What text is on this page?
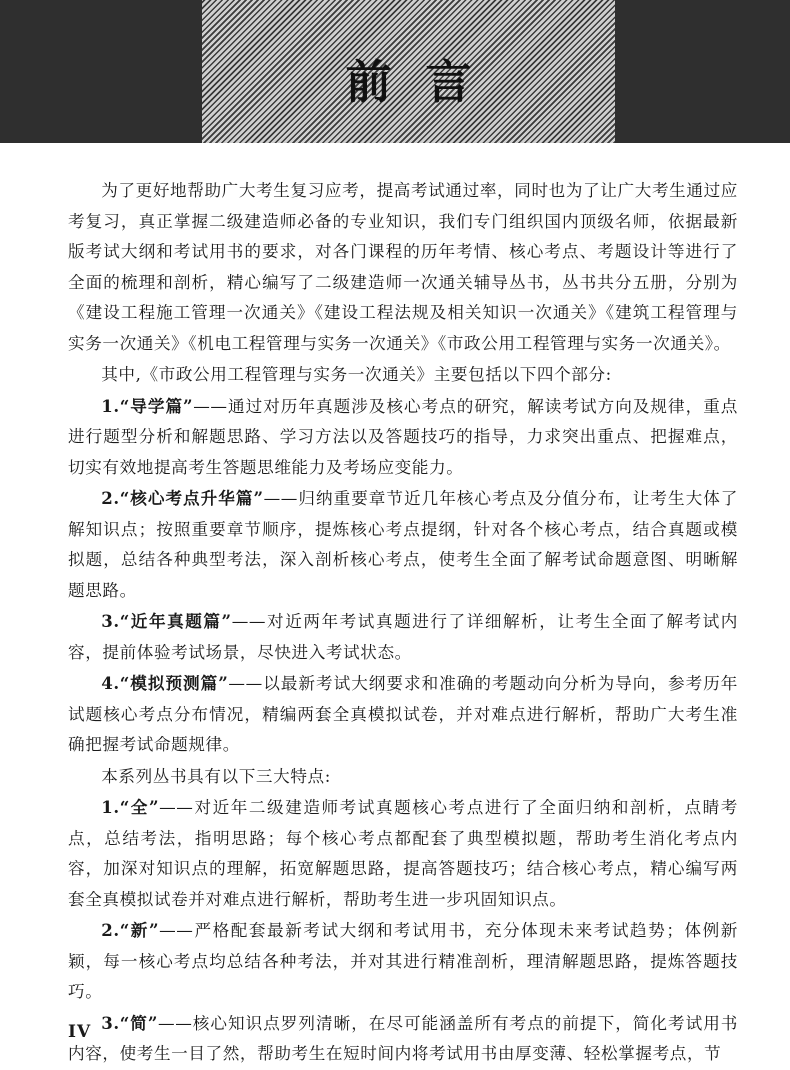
前言

为了更好地帮助广大考生复习应考，提高考试通过率，同时也为了让广大考生通过应考复习，真正掌握二级建造师必备的专业知识，我们专门组织国内顶级名师，依据最新版考试大纲和考试用书的要求，对各门课程的历年考情、核心考点、考题设计等进行了全面的梳理和剖析，精心编写了二级建造师一次通关辅导丛书，丛书共分五册，分别为《建设工程施工管理一次通关》《建设工程法规及相关知识一次通关》《建筑工程管理与实务一次通关》《机电工程管理与实务一次通关》《市政公用工程管理与实务一次通关》。

其中,《市政公用工程管理与实务一次通关》主要包括以下四个部分:

1.“导学篇”——通过对历年真题涉及核心考点的研究，解读考试方向及规律，重点进行题型分析和解题思路、学习方法以及答题技巧的指导，力求突出重点、把握难点，切实有效地提高考生答题思维能力及考场应变能力。

2.“核心考点升华篇”——归纳重要章节近几年核心考点及分值分布，让考生大体了解知识点；按照重要章节顺序，提炼核心考点提纲，针对各个核心考点，结合真题或模拟题，总结各种典型考法，深入剖析核心考点，使考生全面了解考试命题意图、明晰解题思路。

3.“近年真题篇”——对近两年考试真题进行了详细解析，让考生全面了解考试内容，提前体验考试场景，尽快进入考试状态。

4.“模拟预测篇”——以最新考试大纲要求和准确的考题动向分析为导向，参考历年试题核心考点分布情况，精编两套全真模拟试卷，并对难点进行解析，帮助广大考生准确把握考试命题规律。

本系列丛书具有以下三大特点:

1.“全”——对近年二级建造师考试真题核心考点进行了全面归纳和剖析，点睛考点，总结考法，指明思路；每个核心考点都配套了典型模拟题，帮助考生消化考点内容，加深对知识点的理解，拓宽解题思路，提高答题技巧；结合核心考点，精心编写两套全真模拟试卷并对难点进行解析，帮助考生进一步巩固知识点。

2.“新”——严格配套最新考试大纲和考试用书，充分体现未来考试趋势；体例新颖，每一核心考点均总结各种考法，并对其进行精准剖析，理清解题思路，提炼答题技巧。

3.“简”——核心知识点罗列清晰，在尽可能涵盖所有考点的前提下，简化考试用书内容，使考生一目了然，帮助考生在短时间内将考试用书由厚变薄、轻松掌握考点，节

IV
